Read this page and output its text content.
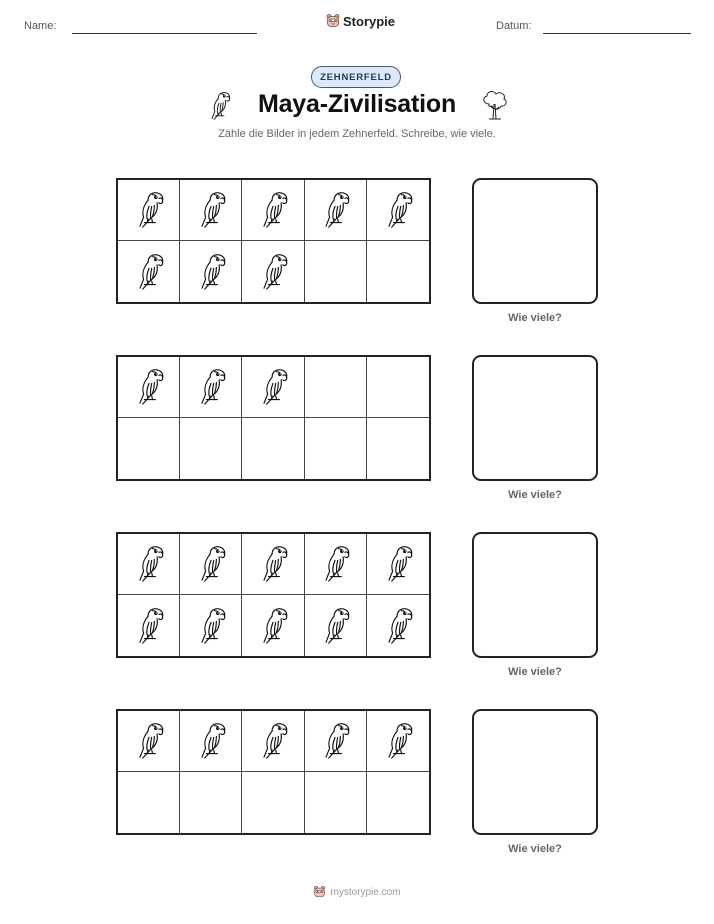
Name:	Storypie	Datum:
ZEHNERFELD
Maya-Zivilisation
Zähle die Bilder in jedem Zehnerfeld. Schreibe, wie viele.
Wie viele?
Wie viele?
Wie viele?
Wie viele?
mystorypie.com
